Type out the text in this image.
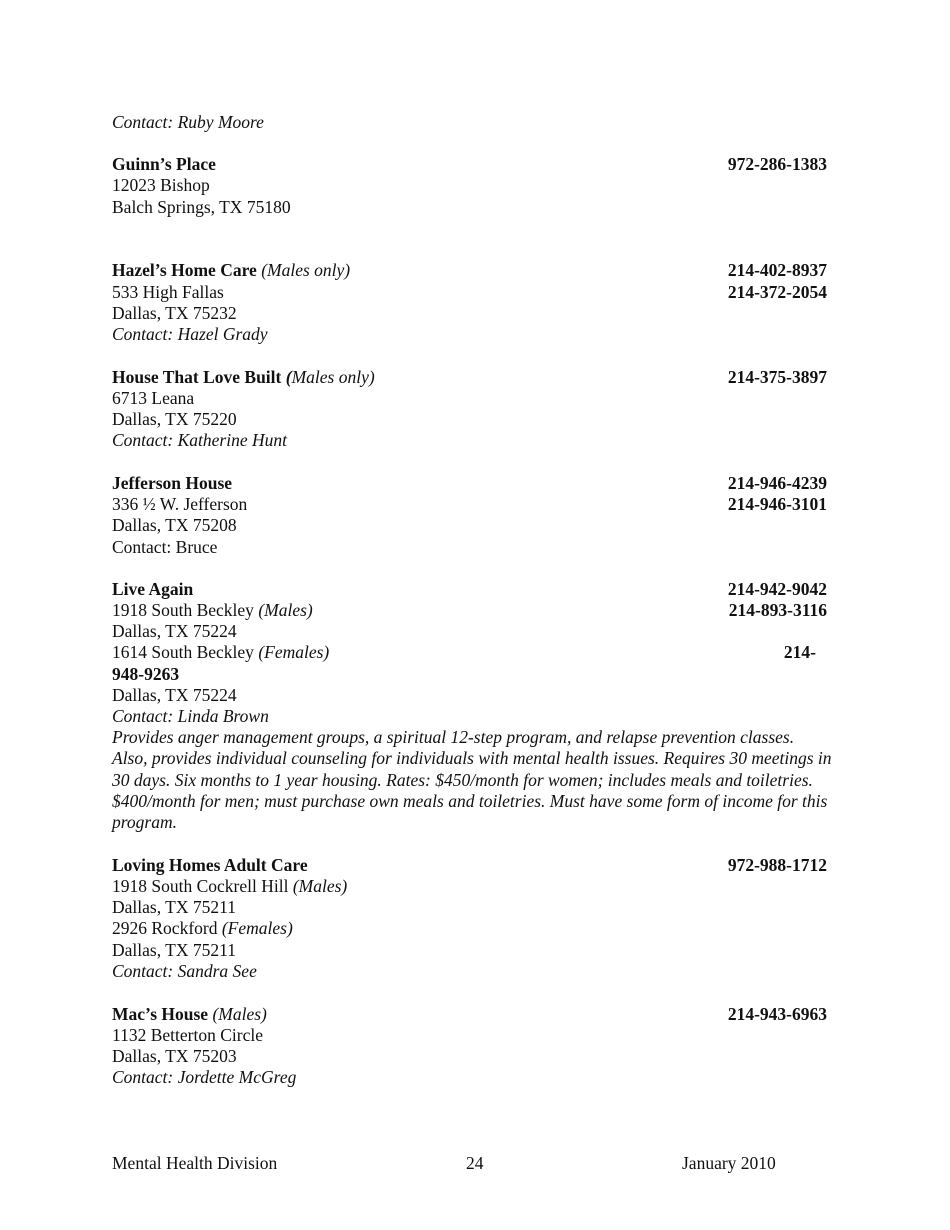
Contact: Ruby Moore
Guinn’s Place	972-286-1383
12023 Bishop
Balch Springs, TX 75180
Hazel’s Home Care (Males only)	214-402-8937
533 High Fallas	214-372-2054
Dallas, TX 75232
Contact: Hazel Grady
House That Love Built (Males only)	214-375-3897
6713 Leana
Dallas, TX 75220
Contact: Katherine Hunt
Jefferson House	214-946-4239
336 ½ W. Jefferson	214-946-3101
Dallas, TX 75208
Contact: Bruce
Live Again	214-942-9042
1918 South Beckley (Males)	214-893-3116
Dallas, TX 75224
1614 South Beckley (Females)	214-
948-9263
Dallas, TX 75224
Contact: Linda Brown
Provides anger management groups, a spiritual 12-step program, and relapse prevention classes. Also, provides individual counseling for individuals with mental health issues. Requires 30 meetings in 30 days. Six months to 1 year housing. Rates: $450/month for women; includes meals and toiletries. $400/month for men; must purchase own meals and toiletries. Must have some form of income for this program.
Loving Homes Adult Care	972-988-1712
1918 South Cockrell Hill (Males)
Dallas, TX 75211
2926 Rockford (Females)
Dallas, TX 75211
Contact: Sandra See
Mac’s House (Males)	214-943-6963
1132 Betterton Circle
Dallas, TX 75203
Contact: Jordette McGreg
Mental Health Division	24	January 2010
